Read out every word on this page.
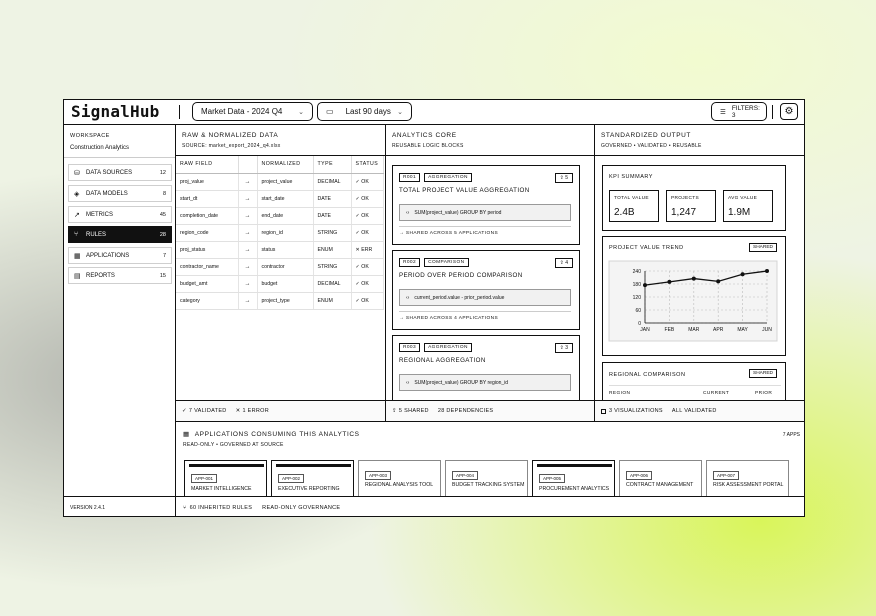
SignalHub	Market Data - 2024 Q4 ⌄	▭ Last 90 days ⌄	☰
FILTERS: 3	⚙
WORKSPACE
Construction Analytics
⛁	DATA SOURCES	12
◈	DATA MODELS	8
↗	METRICS	45
⑂	RULES	28
▦ APPLICATIONS	7
▤ REPORTS	15
VERSION 2.4.1
RAW & NORMALIZED DATA
SOURCE: market_export_2024_q4.xlsx
RAW FIELD		NORMALIZED	TYPE	STATUS
proj_value	→	project_value	DECIMAL	✓ OK
start_dt	→	start_date	DATE	✓ OK
completion_date	→	end_date	DATE	✓ OK
region_code	→	region_id	STRING	✓ OK
proj_status	→	status	ENUM	✕ ERR
contractor_name	→	contractor	STRING	✓ OK
budget_amt	→	budget	DECIMAL	✓ OK
category	→	project_type	ENUM	✓ OK
✓ 7 VALIDATED ✕ 1 ERROR
ANALYTICS CORE
REUSABLE LOGIC BLOCKS
R001	AGGREGATION	⇪ 5
TOTAL PROJECT VALUE AGGREGATION
‹› SUM(project_value) GROUP BY period
→ SHARED ACROSS 5 APPLICATIONS
R002	COMPARISON	⇪ 4
PERIOD OVER PERIOD COMPARISON
‹› current_period.value - prior_period.value
→ SHARED ACROSS 4 APPLICATIONS
R003	AGGREGATION	⇪ 3
REGIONAL AGGREGATION
‹› SUM(project_value) GROUP BY region_id
⇪ 5 SHARED 28 DEPENDENCIES
STANDARDIZED OUTPUT
GOVERNED • VALIDATED • REUSABLE
KPI SUMMARY
TOTAL VALUE
2.4B
PROJECTS
1,247
AVG VALUE
1.9M
PROJECT VALUE TREND	SHARED
240
180
120
60
0
JAN	FEB	MAR	APR	MAY	JUN
REGIONAL COMPARISON	SHARED
REGION	CURRENT	PRIOR
3 VISUALIZATIONS ALL VALIDATED
▦ APPLICATIONS CONSUMING THIS ANALYTICS
READ-ONLY • GOVERNED AT SOURCE
7 APPS
APP-001
MARKET INTELLIGENCE
APP-002
EXECUTIVE REPORTING
APP-003
REGIONAL ANALYSIS TOOL
APP-004
BUDGET TRACKING SYSTEM
APP-005
PROCUREMENT ANALYTICS
APP-006
CONTRACT MANAGEMENT
APP-007
RISK ASSESSMENT PORTAL
⑂ 60 INHERITED RULES READ-ONLY GOVERNANCE
